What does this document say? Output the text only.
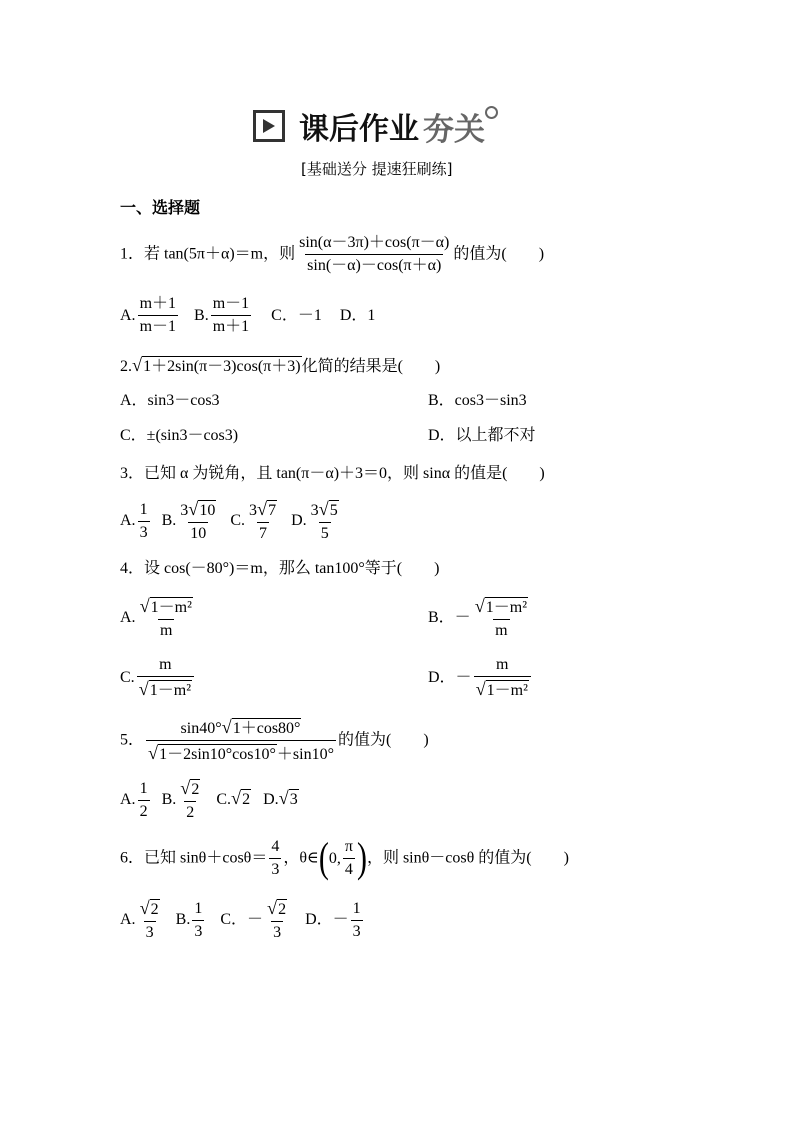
课后作业 夯关
[基础送分 提速狂刷练]
一、选择题
1．若 tan(5π＋α)＝m，则 $\frac{\sin(\alpha-3\pi)+\cos(\pi-\alpha)}{\sin(-\alpha)-\cos(\pi+\alpha)}$ 的值为(　　)
A. $\frac{m+1}{m-1} B$. $\frac{m-1}{m+1}$ C．－1 D．1
2.√1＋2sin(π－3)cos(π＋3)化简的结果是(　　)
A．sin3－cos3	B．cos3－sin3
C．±(sin3－cos3)	D．以上都不对
3．已知 α 为锐角，且 tan(π－α)＋3＝0，则 sinα 的值是(　　)
A. $\frac{1}{3} B$. $\frac{3√10}{10} C$. $\frac{3√7}{7} D$. $\frac{3√5}{5}$
4．设 cos(－80°)＝m，那么 tan100°等于(　　)
A. $\frac{\text{√1－m²}}{m}$	B．－ $\frac{\text{√1－m²}}{m}$
C. $\frac{m}{\text{√1－m²}}$	D．－ $\frac{m}{\text{√1－m²}}$
5． $\frac{\sin 40^\circ√1+\cos 80^\circ}{√1-2\sin 10^\circ\cos 10^\circ+\sin 10^\circ}$ 的值为(　　)
A. $\frac{1}{2} B$. $\frac{√2}{2} C.√2$ D.√3
6．已知 $\sin\theta+\cos\theta= \frac{4}{3}$ ，θ∈(0, $\frac{\pi}{4}$ )，则 sinθ－cosθ 的值为(　　)
A. $\frac{√2}{3} B$. $\frac{1}{3}$ C．－ $\frac{√2}{3}$ D．－ $\frac{1}{3}$
